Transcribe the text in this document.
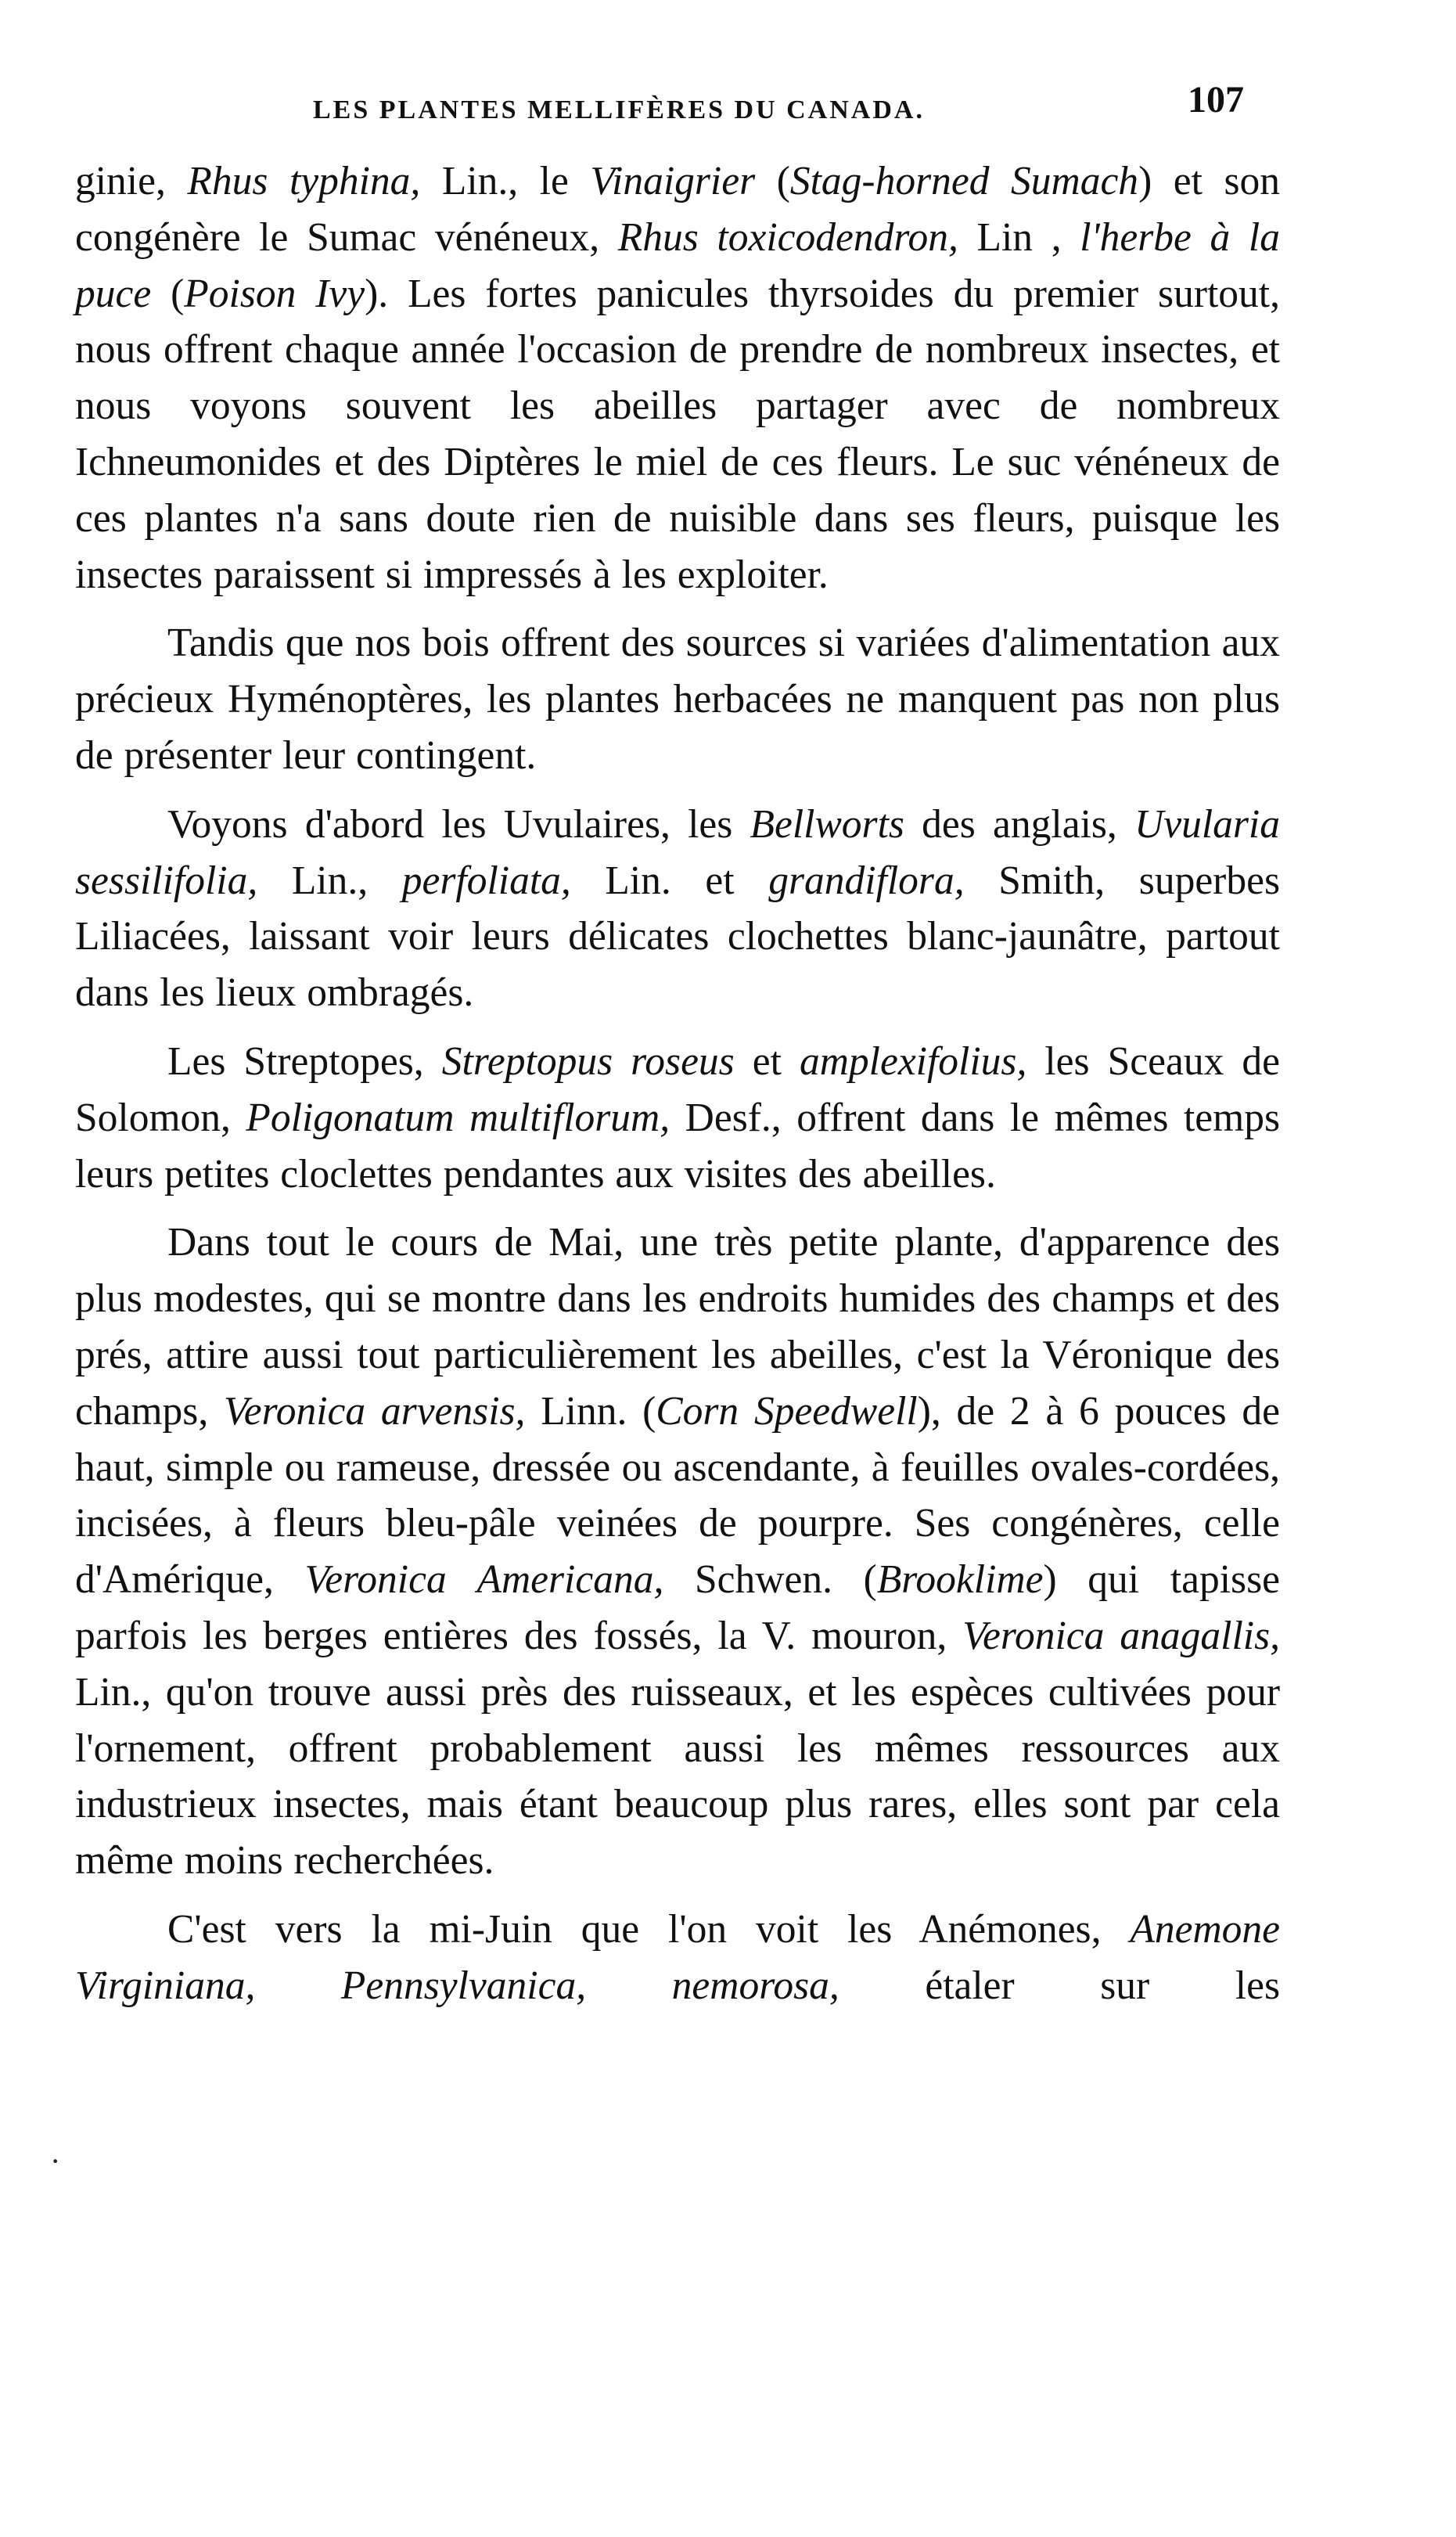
LES PLANTES MELLIFÈRES DU CANADA.	107

ginie, Rhus typhina, Lin., le Vinaigrier (Stag-horned Sumach) et son congénère le Sumac vénéneux, Rhus toxicodendron, Lin , l'herbe à la puce (Poison Ivy). Les fortes panicules thyrsoides du premier surtout, nous offrent chaque année l'occasion de prendre de nombreux insectes, et nous voyons souvent les abeilles partager avec de nombreux Ichneumonides et des Diptères le miel de ces fleurs. Le suc vénéneux de ces plantes n'a sans doute rien de nuisible dans ses fleurs, puisque les insectes paraissent si impressés à les exploiter.

Tandis que nos bois offrent des sources si variées d'alimentation aux précieux Hyménoptères, les plantes herbacées ne manquent pas non plus de présenter leur contingent.

Voyons d'abord les Uvulaires, les Bellworts des anglais, Uvularia sessilifolia, Lin., perfoliata, Lin. et grandiflora, Smith, superbes Liliacées, laissant voir leurs délicates clochettes blanc-jaunâtre, partout dans les lieux ombragés.

Les Streptopes, Streptopus roseus et amplexifolius, les Sceaux de Solomon, Poligonatum multiflorum, Desf., offrent dans le mêmes temps leurs petites cloclettes pendantes aux visites des abeilles.

Dans tout le cours de Mai, une très petite plante, d'apparence des plus modestes, qui se montre dans les endroits humides des champs et des prés, attire aussi tout particulièrement les abeilles, c'est la Véronique des champs, Veronica arvensis, Linn. (Corn Speedwell), de 2 à 6 pouces de haut, simple ou rameuse, dressée ou ascendante, à feuilles ovales-cordées, incisées, à fleurs bleu-pâle veinées de pourpre. Ses congénères, celle d'Amérique, Veronica Americana, Schwen. (Brooklime) qui tapisse parfois les berges entières des fossés, la V. mouron, Veronica anagallis, Lin., qu'on trouve aussi près des ruisseaux, et les espèces cultivées pour l'ornement, offrent probablement aussi les mêmes ressources aux industrieux insectes, mais étant beaucoup plus rares, elles sont par cela même moins recherchées.

C'est vers la mi-Juin que l'on voit les Anémones, Anemone Virginiana, Pennsylvanica, nemorosa, étaler sur les

·
